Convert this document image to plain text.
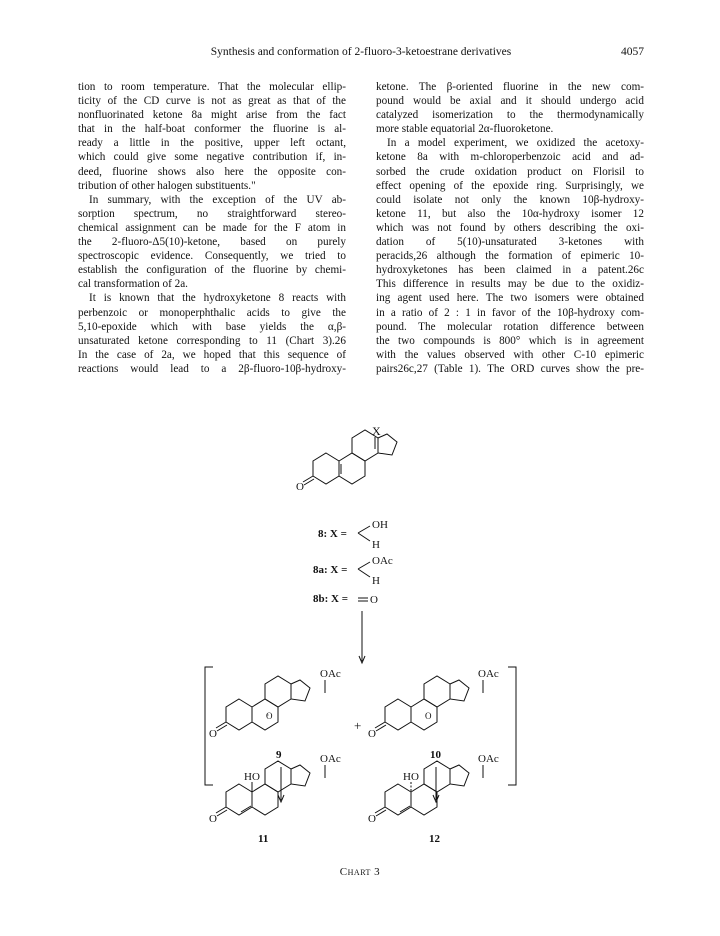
Synthesis and conformation of 2-fluoro-3-ketoestrane derivatives	4057

tion to room temperature. That the molecular ellip-
ticity of the CD curve is not as great as that of the
nonfluorinated ketone 8a might arise from the fact
that in the half-boat conformer the fluorine is al-
ready a little in the positive, upper left octant,
which could give some negative contribution if, in-
deed, fluorine shows also here the opposite con-
tribution of other halogen substituents."

In summary, with the exception of the UV ab-
sorption spectrum, no straightforward stereo-
chemical assignment can be made for the F atom in
the 2-fluoro-Δ5(10)-ketone, based on purely
spectroscopic evidence. Consequently, we tried to
establish the configuration of the fluorine by chemi-
cal transformation of 2a.

It is known that the hydroxyketone 8 reacts with
perbenzoic or monoperphthalic acids to give the
5,10-epoxide which with base yields the α,β-
unsaturated ketone corresponding to 11 (Chart 3).26
In the case of 2a, we hoped that this sequence of
reactions would lead to a 2β-fluoro-10β-hydroxy-

ketone. The β-oriented fluorine in the new com-
pound would be axial and it should undergo acid
catalyzed isomerization to the thermodynamically
more stable equatorial 2α-fluoroketone.

In a model experiment, we oxidized the acetoxy-
ketone 8a with m-chloroperbenzoic acid and ad-
sorbed the crude oxidation product on Florisil to
effect opening of the epoxide ring. Surprisingly, we
could isolate not only the known 10β-hydroxy-
ketone 11, but also the 10α-hydroxy isomer 12
which was not found by others describing the oxi-
dation of 5(10)-unsaturated 3-ketones with
peracids,26 although the formation of epimeric 10-
hydroxyketones has been claimed in a patent.26c
This difference in results may be due to the oxidiz-
ing agent used here. The two isomers were obtained
in a ratio of 2 : 1 in favor of the 10β-hydroxy com-
pound. The molecular rotation difference between
the two compounds is 800° which is in agreement
with the values observed with other C-10 epimeric
pairs26c,27 (Table 1). The ORD curves show the pre-

X
O
8: X =
OH
H
8a: X =
OAc
H
8b: X = O
OAc
O
O
9
+
OAc
O
O
10
OAc
HO
O
11
OAc
HO
O
12
Chart 3
